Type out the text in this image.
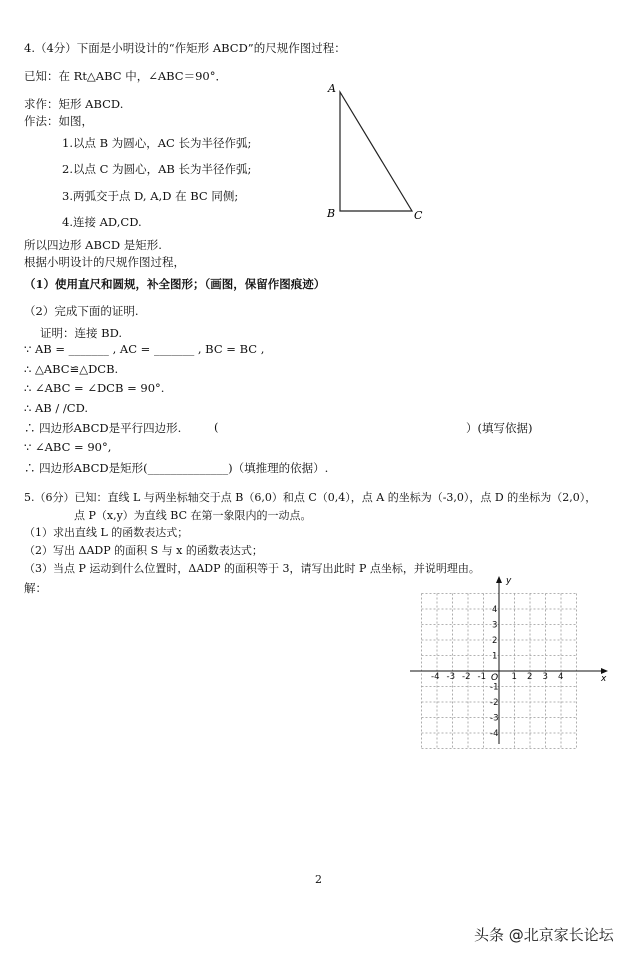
4.（4分）下面是小明设计的“作矩形 ABCD”的尺规作图过程：
已知：在 Rt△ABC 中，∠ABC＝90°．
求作：矩形 ABCD.
作法：如图，
1.以点 B 为圆心，AC 长为半径作弧;
2.以点 C 为圆心，AB 长为半径作弧;
3.两弧交于点 D, A,D 在 BC 同侧;
4.连接 AD,CD.
所以四边形 ABCD 是矩形.
根据小明设计的尺规作图过程，
（1）使用直尺和圆规，补全图形；（画图，保留作图痕迹）
（2）完成下面的证明.
证明：连接 BD.
∵ AB = _______ , AC = _______ , BC = BC ,
∴ △ABC≌△DCB.
∴ ∠ABC = ∠DCB = 90°.
∴ AB / /CD.
∴ 四边形ABCD是平行四边形.	(	）(填写依据)
∵ ∠ABC = 90°,
∴ 四边形ABCD是矩形(______________)（填推理的依据）.
A
B	C
5.（6分）已知：直线 L 与两坐标轴交于点 B（6,0）和点 C（0,4），点 A 的坐标为（-3,0），点 D 的坐标为（2,0），
点 P（x,y）为直线 BC 在第一象限内的一动点。
（1）求出直线 L 的函数表达式；
（2）写出 ΔADP 的面积 S 与 x 的函数表达式；
（3）当点 P 运动到什么位置时，ΔADP 的面积等于 3，请写出此时 P 点坐标，并说明理由。
解：
x
y
O
-4 -3 -2 -1	1 2 3 4
4
3
2
1
-1
-2
-3
-4
2
头条 @北京家长论坛
